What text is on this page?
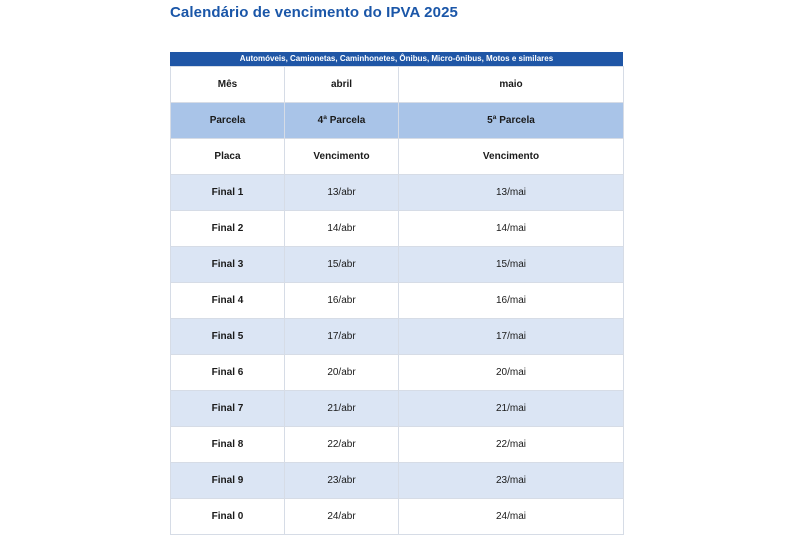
Calendário de vencimento do IPVA 2025
Automóveis, Camionetas, Caminhonetes, Ônibus, Micro-ônibus, Motos e similares
Mês	abril	maio
Parcela	4ª Parcela	5ª Parcela
Placa	Vencimento	Vencimento
Final 1	13/abr	13/mai
Final 2	14/abr	14/mai
Final 3	15/abr	15/mai
Final 4	16/abr	16/mai
Final 5	17/abr	17/mai
Final 6	20/abr	20/mai
Final 7	21/abr	21/mai
Final 8	22/abr	22/mai
Final 9	23/abr	23/mai
Final 0	24/abr	24/mai
